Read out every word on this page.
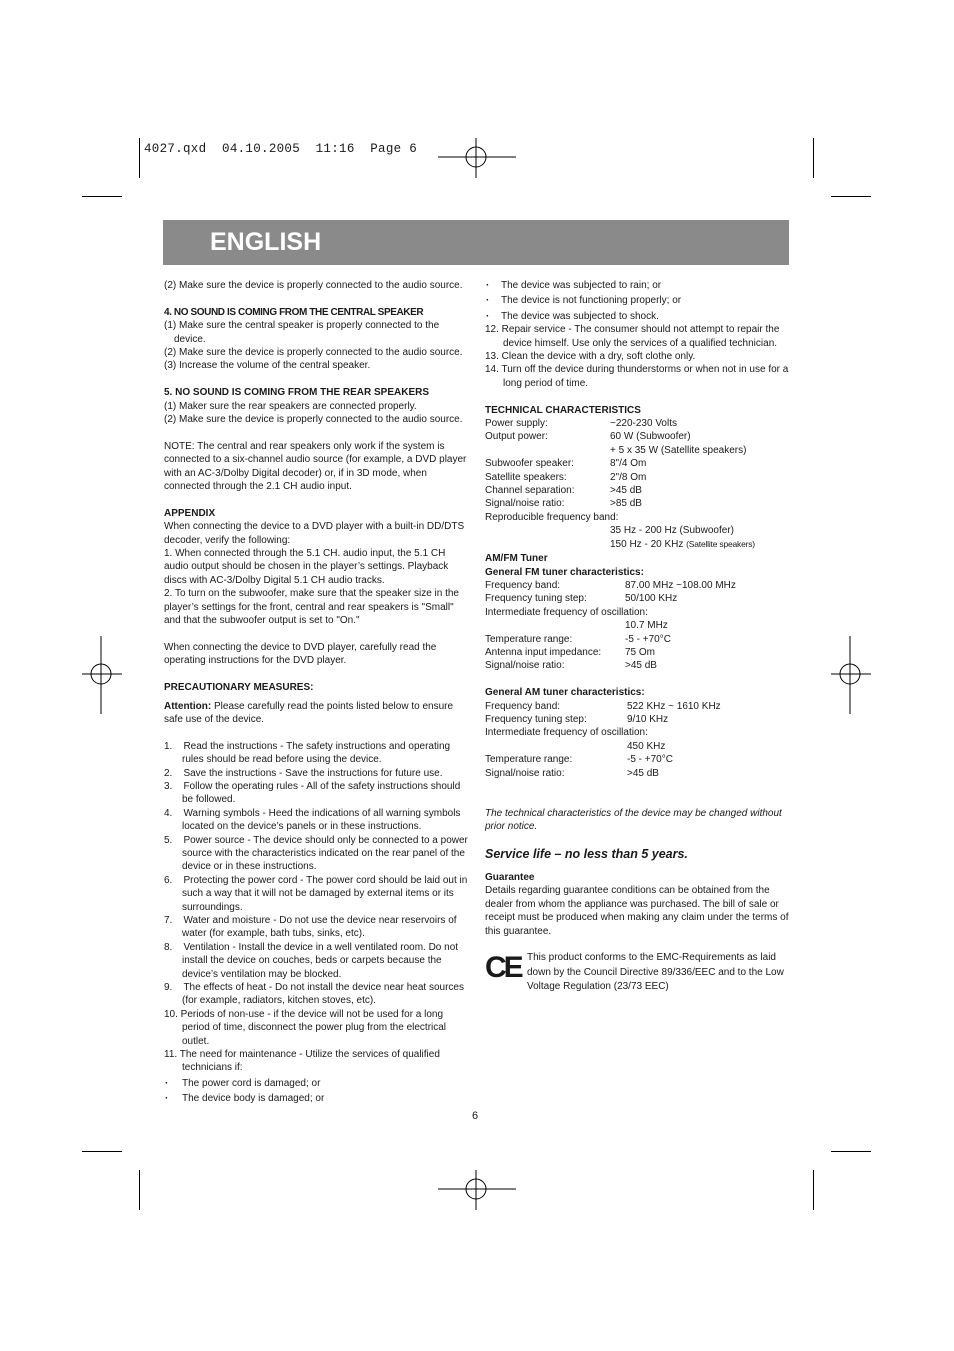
4027.qxd  04.10.2005  11:16  Page 6
ENGLISH

(2) Make sure the device is properly connected to the audio source.

4. NO SOUND IS COMING FROM THE CENTRAL SPEAKER

(1) Make sure the central speaker is properly connected to the device.

(2) Make sure the device is properly connected to the audio source.

(3) Increase the volume of the central speaker.

5. NO SOUND IS COMING FROM THE REAR SPEAKERS

(1) Maker sure the rear speakers are connected properly.

(2) Make sure the device is properly connected to the audio source.

NOTE: The central and rear speakers only work if the system is connected to a six-channel audio source (for example, a DVD player with an AC-3/Dolby Digital decoder) or, if in 3D mode, when connected through the 2.1 CH audio input.

APPENDIX

When connecting the device to a DVD player with a built-in DD/DTS decoder, verify the following:

1. When connected through the 5.1 CH. audio input, the 5.1 CH audio output should be chosen in the player’s settings. Playback discs with AC-3/Dolby Digital 5.1 CH audio tracks.

2. To turn on the subwoofer, make sure that the speaker size in the player’s settings for the front, central and rear speakers is "Small" and that the subwoofer output is set to "On."

When connecting the device to DVD player, carefully read the operating instructions for the DVD player.

PRECAUTIONARY MEASURES:

Attention: Please carefully read the points listed below to ensure safe use of the device.

1.    Read the instructions - The safety instructions and operating rules should be read before using the device.

2.    Save the instructions - Save the instructions for future use.

3.    Follow the operating rules - All of the safety instructions should be followed.

4.    Warning symbols - Heed the indications of all warning symbols located on the device’s panels or in these instructions.

5.    Power source - The device should only be connected to a power source with the characteristics indicated on the rear panel of the device or in these instructions.

6.    Protecting the power cord - The power cord should be laid out in such a way that it will not be damaged by external items or its surroundings.

7.    Water and moisture - Do not use the device near reservoirs of water (for example, bath tubs, sinks, etc).

8.    Ventilation - Install the device in a well ventilated room. Do not install the device on couches, beds or carpets because the device’s ventilation may be blocked.

9.    The effects of heat - Do not install the device near heat sources (for example, radiators, kitchen stoves, etc).

10. Periods of non-use - if the device will not be used for a long period of time, disconnect the power plug from the electrical outlet.

11. The need for maintenance - Utilize the services of qualified technicians if:

· The power cord is damaged; or

· The device body is damaged; or

· The device was subjected to rain; or

· The device is not functioning properly; or

· The device was subjected to shock.

12. Repair service - The consumer should not attempt to repair the device himself. Use only the services of a qualified technician.

13. Clean the device with a dry, soft clothe only.

14. Turn off the device during thunderstorms or when not in use for a long period of time.

TECHNICAL CHARACTERISTICS

Power supply:	~220-230 Volts
Output power:	60 W (Subwoofer)
+ 5 x 35 W (Satellite speakers)
Subwoofer speaker:	8"/4 Om
Satellite speakers:	2"/8 Om
Channel separation:	>45 dB
Signal/noise ratio:	>85 dB

Reproducible frequency band:

35 Hz - 200 Hz (Subwoofer)

150 Hz - 20 KHz (Satellite speakers)

AM/FM Tuner

General FM tuner characteristics:

Frequency band:	87.00 MHz ~108.00 MHz
Frequency tuning step:	50/100 KHz

Intermediate frequency of oscillation:

10.7 MHz

Temperature range:	-5 - +70°C
Antenna input impedance:	75 Om
Signal/noise ratio:	>45 dB

General AM tuner characteristics:

Frequency band:	522 KHz ~ 1610 KHz
Frequency tuning step:	9/10 KHz

Intermediate frequency of oscillation:

450 KHz

Temperature range:	-5 - +70°C
Signal/noise ratio:	>45 dB

The technical characteristics of the device may be changed without prior notice.

Service life – no less than 5 years.

Guarantee

Details regarding guarantee conditions can be obtained from the dealer from whom the appliance was purchased. The bill of sale or receipt must be produced when making any claim under the terms of this guarantee.

CE This product conforms to the EMC-Requirements as laid down by the Council Directive 89/336/EEC and to the Low Voltage Regulation (23/73 EEC)

6
